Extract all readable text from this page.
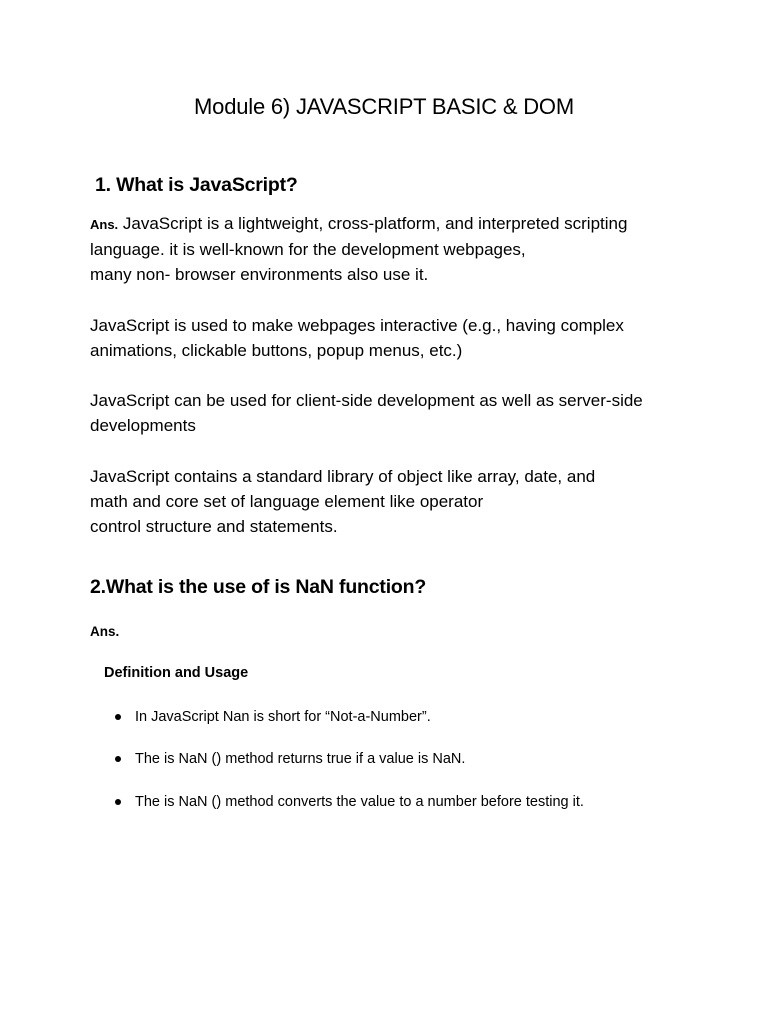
Module 6) JAVASCRIPT BASIC & DOM
1. What is JavaScript?

Ans. JavaScript is a lightweight, cross-platform, and interpreted scripting
language. it is well-known for the development webpages,
many non- browser environments also use it.

JavaScript is used to make webpages interactive (e.g., having complex animations, clickable buttons, popup menus, etc.)

JavaScript can be used for client-side development as well as server-side developments

JavaScript contains a standard library of object like array, date, and
math and core set of language element like operator
control structure and statements.

2.What is the use of is NaN function?

Ans.

Definition and Usage

In JavaScript Nan is short for “Not-a-Number”.
The is NaN () method returns true if a value is NaN.
The is NaN () method converts the value to a number before testing it.
